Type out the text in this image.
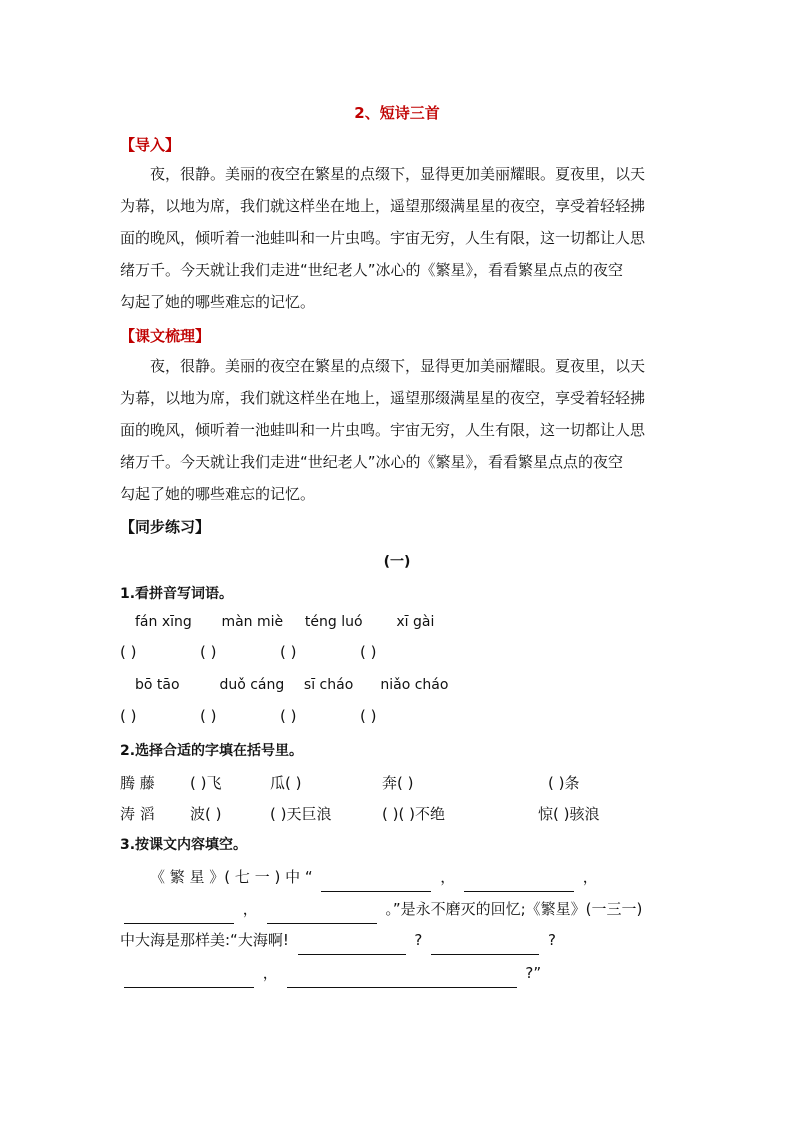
2、短诗三首
【导入】
夜，很静。美丽的夜空在繁星的点缀下，显得更加美丽耀眼。夏夜里，以天
为幕，以地为席，我们就这样坐在地上，遥望那缀满星星的夜空，享受着轻轻拂
面的晚风，倾听着一池蛙叫和一片虫鸣。宇宙无穷，人生有限，这一切都让人思
绪万千。今天就让我们走进“世纪老人”冰心的《繁星》，看看繁星点点的夜空
勾起了她的哪些难忘的记忆。
【课文梳理】
夜，很静。美丽的夜空在繁星的点缀下，显得更加美丽耀眼。夏夜里，以天
为幕，以地为席，我们就这样坐在地上，遥望那缀满星星的夜空，享受着轻轻拂
面的晚风，倾听着一池蛙叫和一片虫鸣。宇宙无穷，人生有限，这一切都让人思
绪万千。今天就让我们走进“世纪老人”冰心的《繁星》，看看繁星点点的夜空
勾起了她的哪些难忘的记忆。
【同步练习】
(一)
1.看拼音写词语。
fán xīng màn miè téng luó xī gài
( )	( )	( )	( )
bō tāo	duǒ cáng sī cháo niǎo cháo
( )	( )	( )	( )
2.选择合适的字填在括号里。
腾 藤 ( )飞	瓜( )	奔( )	( )条
涛 滔 波( )	( )天巨浪	( )( )不绝	惊( )骇浪
3.按课文内容填空。
《 繁 星 》( 七 一 ) 中 “	，	，
，	。”是永不磨灭的回忆;《繁星》(一三一)
中大海是那样美:“大海啊!	?	?
，	?”
